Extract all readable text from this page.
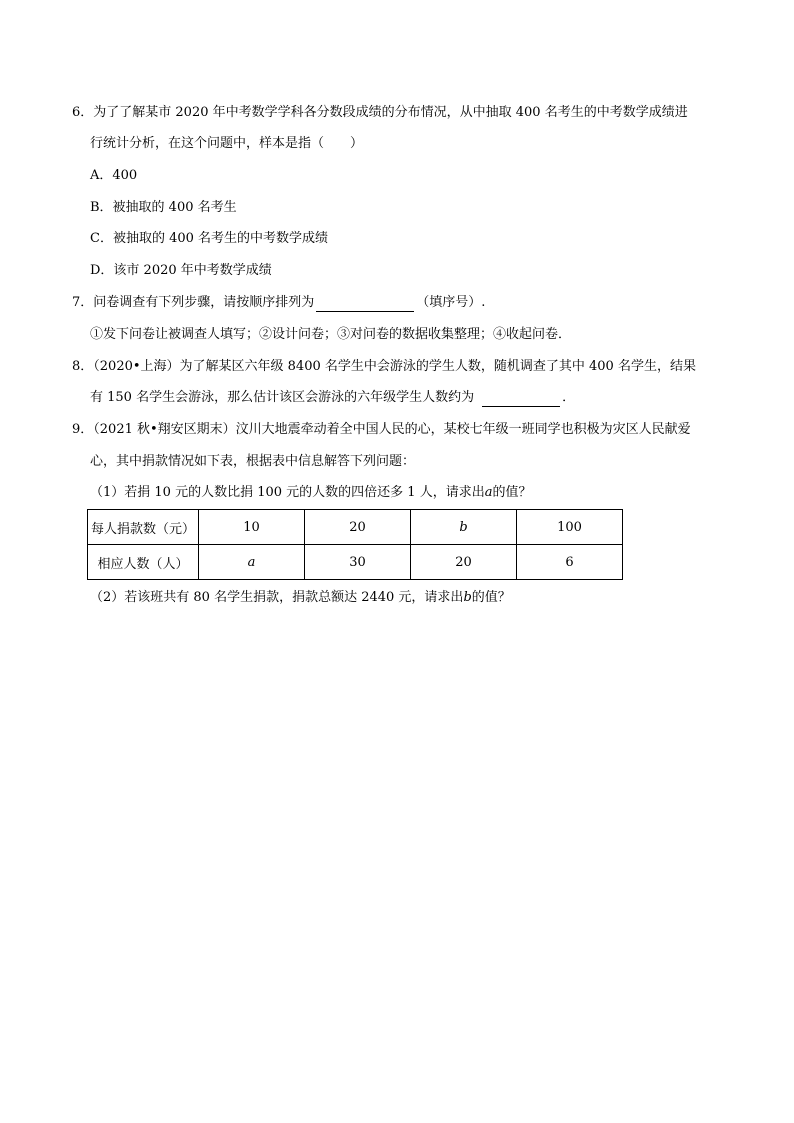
6．为了了解某市 2020 年中考数学学科各分数段成绩的分布情况，从中抽取 400 名考生的中考数学成绩进
行统计分析，在这个问题中，样本是指（ ）
A．400
B．被抽取的 400 名考生
C．被抽取的 400 名考生的中考数学成绩
D．该市 2020 年中考数学成绩
7．问卷调查有下列步骤，请按顺序排列为	（填序号）.
①发下问卷让被调查人填写；②设计问卷；③对问卷的数据收集整理；④收起问卷．
8．（2020•上海）为了解某区六年级 8400 名学生中会游泳的学生人数，随机调查了其中 400 名学生，结果
有 150 名学生会游泳，那么估计该区会游泳的六年级学生人数约为	．
9．（2021 秋•翔安区期末）汶川大地震牵动着全中国人民的心，某校七年级一班同学也积极为灾区人民献爱
心，其中捐款情况如下表，根据表中信息解答下列问题：
（1）若捐 10 元的人数比捐 100 元的人数的四倍还多 1 人，请求出a的值？
每人捐款数（元）	10	20	b	100
相应人数（人）	a	30	20	6
（2）若该班共有 80 名学生捐款，捐款总额达 2440 元，请求出b的值？
